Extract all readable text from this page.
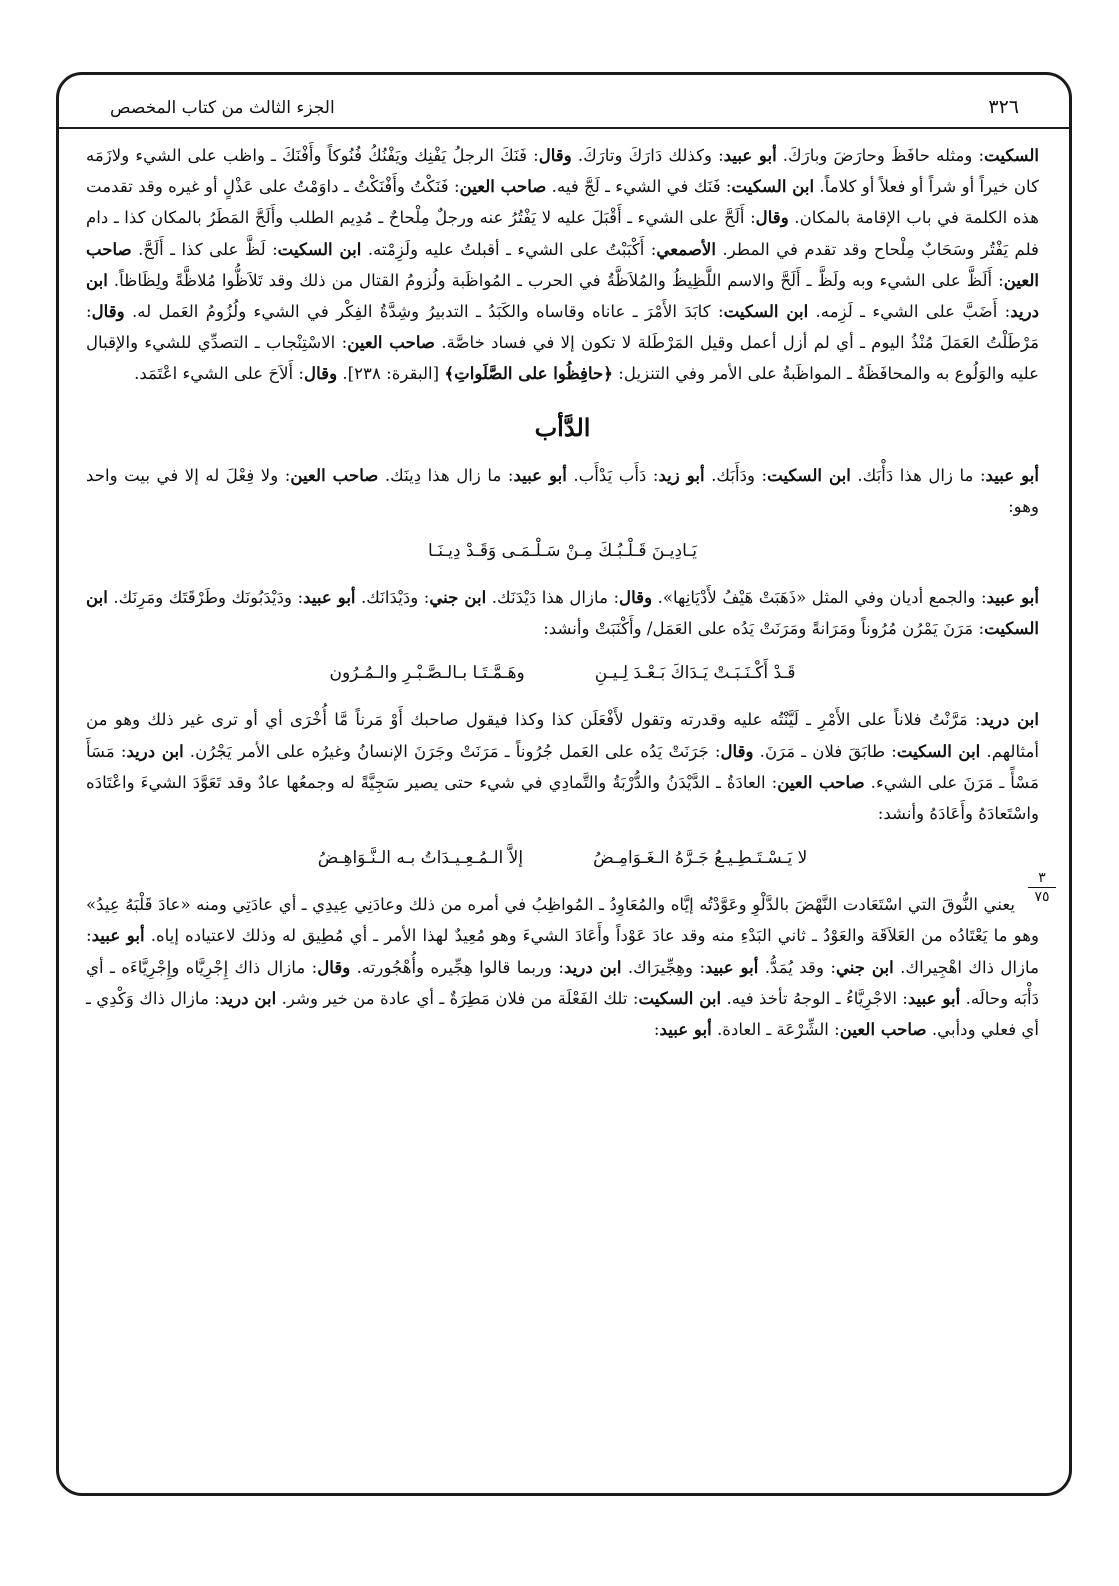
٣٢٦
الجزء الثالث من كتاب المخصص
٣
٧٥

السكيت: ومثله حافَظَ وحارَضَ وبارَكَ. أبو عبيد: وكذلك دَارَكَ وتارَكَ. وقال: فَنَكَ الرجلُ يَفْنِك ويَفْنُكُ فُنُوكاً وأَفْنَكَ ـ واظب على الشيء ولازَمَه كان خيراً أو شراً أو فعلاً أو كلاماً. ابن السكيت: فَنَك في الشيء ـ لَجَّ فيه. صاحب العين: فَنَكْتُ وأَفْنَكْتُ ـ داوَمْتُ على عَذْلٍ أو غيره وقد تقدمت هذه الكلمة في باب الإقامة بالمكان. وقال: أَلَحَّ على الشيء ـ أَقْبَلَ عليه لا يَفْتُرُ عنه ورجلٌ مِلْحاحٌ ـ مُدِيم الطلب وأَلَحَّ المَطَرُ بالمكان كذا ـ دام فلم يَفْتُر وسَحَابٌ مِلْحاح وقد تقدم في المطر. الأصمعي: أَكْبَبْتُ على الشيء ـ أقبلتُ عليه ولَزِمْته. ابن السكيت: لَظَّ على كذا ـ أَلَحَّ. صاحب العين: أَلَظَّ على الشيء وبه ولَظَّ ـ أَلَحَّ والاسم اللَّظِيظُ والمُلاَظَّةُ في الحرب ـ المُواظَبة ولُزومُ القتال من ذلك وقد تَلاَظُّوا مُلاظَّةً ولِظَاظاً. ابن دريد: أَضَبَّ على الشيء ـ لَزِمه. ابن السكيت: كابَدَ الأَمْرَ ـ عاناه وقاساه والكَبَدُ ـ التدبيرُ وشِدَّةُ الفِكْر في الشيء ولُزُومُ العَمل له. وقال: مَرْطَلْتُ العَمَلَ مُنْذُ اليوم ـ أي لم أزل أعمل وقيل المَرْطَلة لا تكون إلا في فساد خاصَّة. صاحب العين: الاسْتِنْجاب ـ التصدِّي للشيء والإقبال عليه والوَلُوع به والمحافَظَةُ ـ المواظَبةُ على الأمر وفي التنزيل: ﴿حافِظُوا على الصَّلَواتِ﴾ [البقرة: ٢٣٨]. وقال: أَلاَحَ على الشيء اعْتَمَد.

الدَّأب

أبو عبيد: ما زال هذا دَأْبَك. ابن السكيت: ودَأَبَك. أبو زيد: دَأَب يَدْأَب. أبو عبيد: ما زال هذا دِينَك. صاحب العين: ولا فِعْلَ له إلا في بيت واحد وهو:

يَـادِيـنَ قَـلْـبُـكَ مِـنْ سَـلْـمَـى وَقَـدْ دِيـنَـا

أبو عبيد: والجمع أديان وفي المثل «ذَهَبَتْ هَيْفُ لأَدْيَانِها». وقال: مازال هذا دَيْدَنَك. ابن جني: ودَيْدَانَك. أبو عبيد: ودَيْدَبُونَك وطَرْقَتَك ومَرِنَك. ابن السكيت: مَرَنَ يَمْرُن مُرُوناً ومَرَانةً ومَرَنَتْ يَدُه على العَمَل/ وأَكْنَبَتْ وأنشد:

قَـدْ أَكْـنَـبَـتْ يَـدَاكَ بَـعْـدَ لِـيـنِ
وهَـمَّـتَـا بـالـصَّـبْـرِ والـمُـرُون

ابن دريد: مَرَّنْتُ فلاناً على الأَمْرِ ـ لَيَّنْتُه عليه وقدرته وتقول لأَفْعَلَن كذا وكذا فيقول صاحبك أَوْ مَرناً مَّا أُخْرَى أي أو ترى غير ذلك وهو من أمثالهم. ابن السكيت: طابَقَ فلان ـ مَرَنَ. وقال: جَرَنَتْ يَدُه على العَمل جُرُوناً ـ مَرَنَتْ وجَرَنَ الإنسانُ وغيرُه على الأمر يَجْرُن. ابن دريد: مَسَأَ مَسْأً ـ مَرَنَ على الشيء. صاحب العين: العادَةُ ـ الدَّيْدَنُ والدُّرْبَةُ والتَّمادِي في شيء حتى يصير سَجِيَّةً له وجمعُها عادٌ وقد تَعَوَّدَ الشيءَ واعْتَادَه واسْتَعادَهُ وأَعَادَهُ وأنشد:

لا يَـسْـتَـطِـيـعُ جَـرَّهُ الـغَـوَامِـضُ
إلاَّ الـمُـعِـيـدَاتُ بـه الـنَّـوَاهِـضُ

يعني النُّوقَ التي اسْتَعَادت النَّهْضَ بالدَّلْوِ وعَوَّدْتُه إيَّاه والمُعَاوِدُ ـ المُواظِبُ في أمره من ذلك وعادَنِي عِيدِي ـ أي عادَتِي ومنه «عادَ قَلْبَهُ عِيدُ» وهو ما يَعْتَادُه من العَلاَقَة والعَوْدُ ـ ثاني البَدْءِ منه وقد عادَ عَوْداً وأَعَادَ الشيءَ وهو مُعِيدٌ لهذا الأمر ـ أي مُطِيق له وذلك لاعتياده إياه. أبو عبيد: مازال ذاك اهْجِيراك. ابن جني: وقد يُمَدُّ. أبو عبيد: وهِجِّيرَاك. ابن دريد: وربما قالوا هِجِّيره وأُهْجُورته. وقال: مازال ذاك إِجْرِيَّاه وإِجْرِيَّاءَه ـ أي دَأْبَه وحالَه. أبو عبيد: الاجْرِيَّاءُ ـ الوجهُ تأخذ فيه. ابن السكيت: تلك الفَعْلَة من فلان مَطِرَةٌ ـ أي عادة من خير وشر. ابن دريد: مازال ذاك وَكْدِي ـ أي فعلي ودأبي. صاحب العين: الشِّرْعَة ـ العادة. أبو عبيد:
